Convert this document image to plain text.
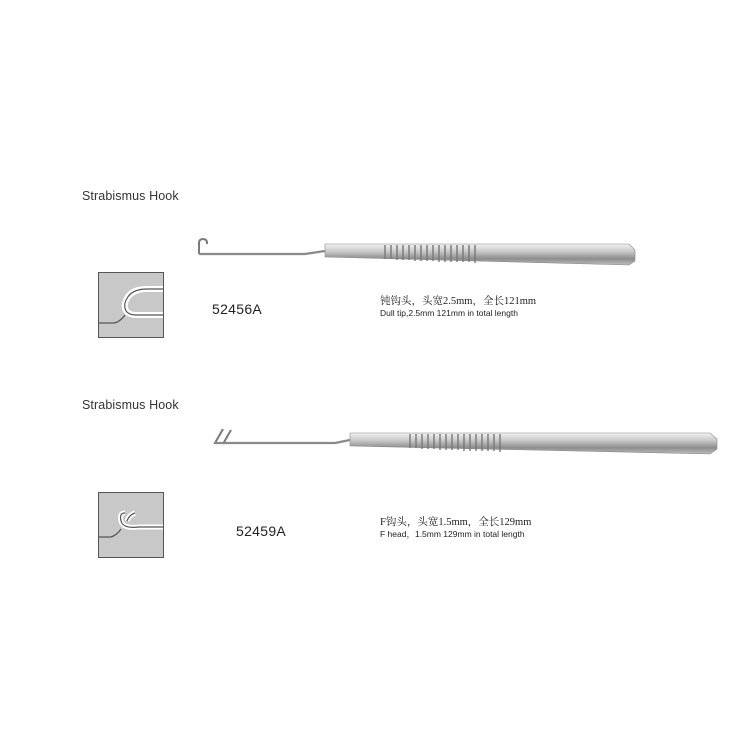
Strabismus Hook
52456A	钝钩头，头宽2.5mm，全长121mm
Dull tip,2.5mm 121mm in total length
Strabismus Hook
52459A
F钩头，头宽1.5mm，全长129mm
F head，1.5mm 129mm in total length
